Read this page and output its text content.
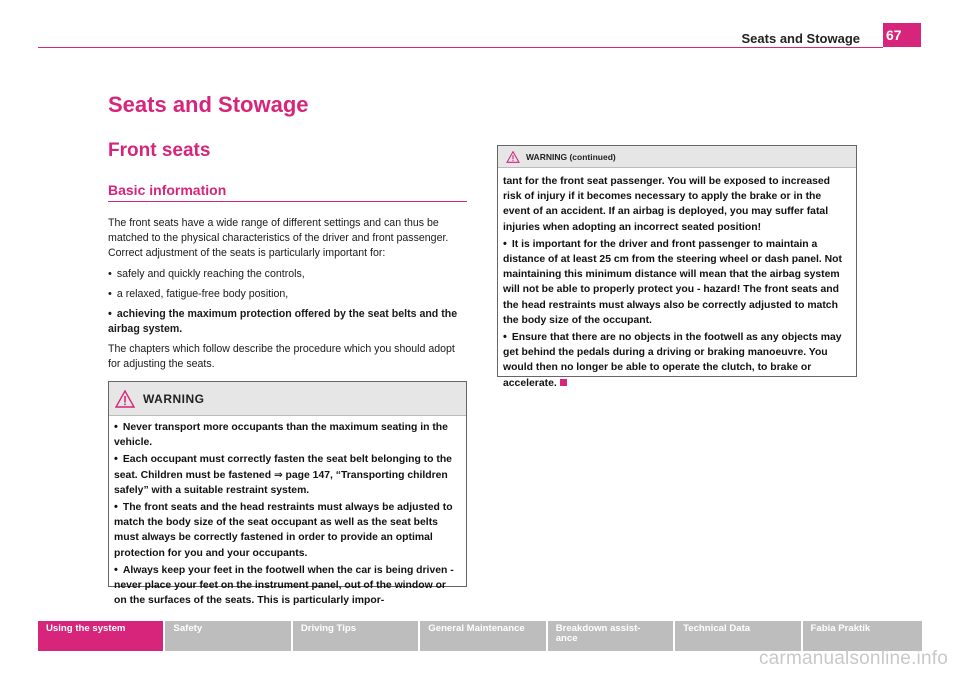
Seats and Stowage 67
Seats and Stowage
Front seats
Basic information

The front seats have a wide range of different settings and can thus be matched to the physical characteristics of the driver and front passenger. Correct adjustment of the seats is particularly important for:

• safely and quickly reaching the controls,
• a relaxed, fatigue-free body position,
• achieving the maximum protection offered by the seat belts and the airbag system.

The chapters which follow describe the procedure which you should adopt for adjusting the seats.

WARNING
• Never transport more occupants than the maximum seating in the vehicle.
• Each occupant must correctly fasten the seat belt belonging to the seat. Children must be fastened ⇒ page 147, “Transporting children safely” with a suitable restraint system.
• The front seats and the head restraints must always be adjusted to match the body size of the seat occupant as well as the seat belts must always be correctly fastened in order to provide an optimal protection for you and your occupants.
• Always keep your feet in the footwell when the car is being driven - never place your feet on the instrument panel, out of the window or on the surfaces of the seats. This is particularly impor-
WARNING (continued)
tant for the front seat passenger. You will be exposed to increased risk of injury if it becomes necessary to apply the brake or in the event of an accident. If an airbag is deployed, you may suffer fatal injuries when adopting an incorrect seated position!
• It is important for the driver and front passenger to maintain a distance of at least 25 cm from the steering wheel or dash panel. Not maintaining this minimum distance will mean that the airbag system will not be able to properly protect you - hazard! The front seats and the head restraints must always also be correctly adjusted to match the body size of the occupant.
• Ensure that there are no objects in the footwell as any objects may get behind the pedals during a driving or braking manoeuvre. You would then no longer be able to operate the clutch, to brake or accelerate.
Using the system	Safety	Driving Tips	General Maintenance	Breakdown assist-
ance
Technical Data	Fabia Praktik
carmanualsonline.info
